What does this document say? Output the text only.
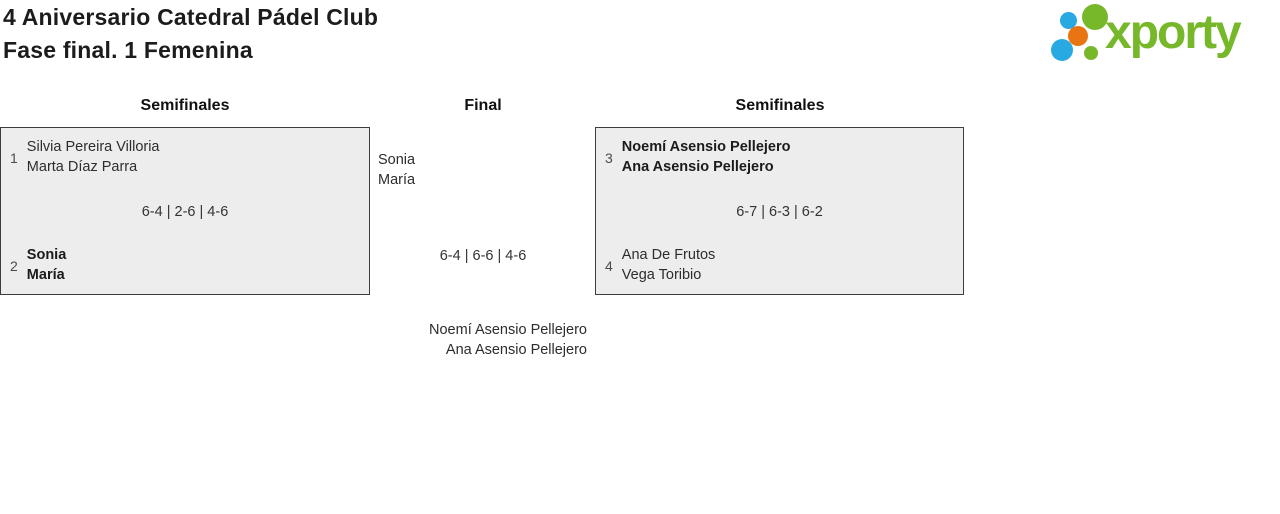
4 Aniversario Catedral Pádel Club
Fase final. 1 Femenina	xporty
Semifinales	Final	Semifinales
1
Silvia Pereira Villoria
Marta Díaz Parra
6-4 | 2-6 | 4-6
2
Sonia
María
Sonia
María
6-4 | 6-6 | 4-6
Noemí Asensio Pellejero
Ana Asensio Pellejero
3
Noemí Asensio Pellejero
Ana Asensio Pellejero
6-7 | 6-3 | 6-2
4
Ana De Frutos
Vega Toribio
